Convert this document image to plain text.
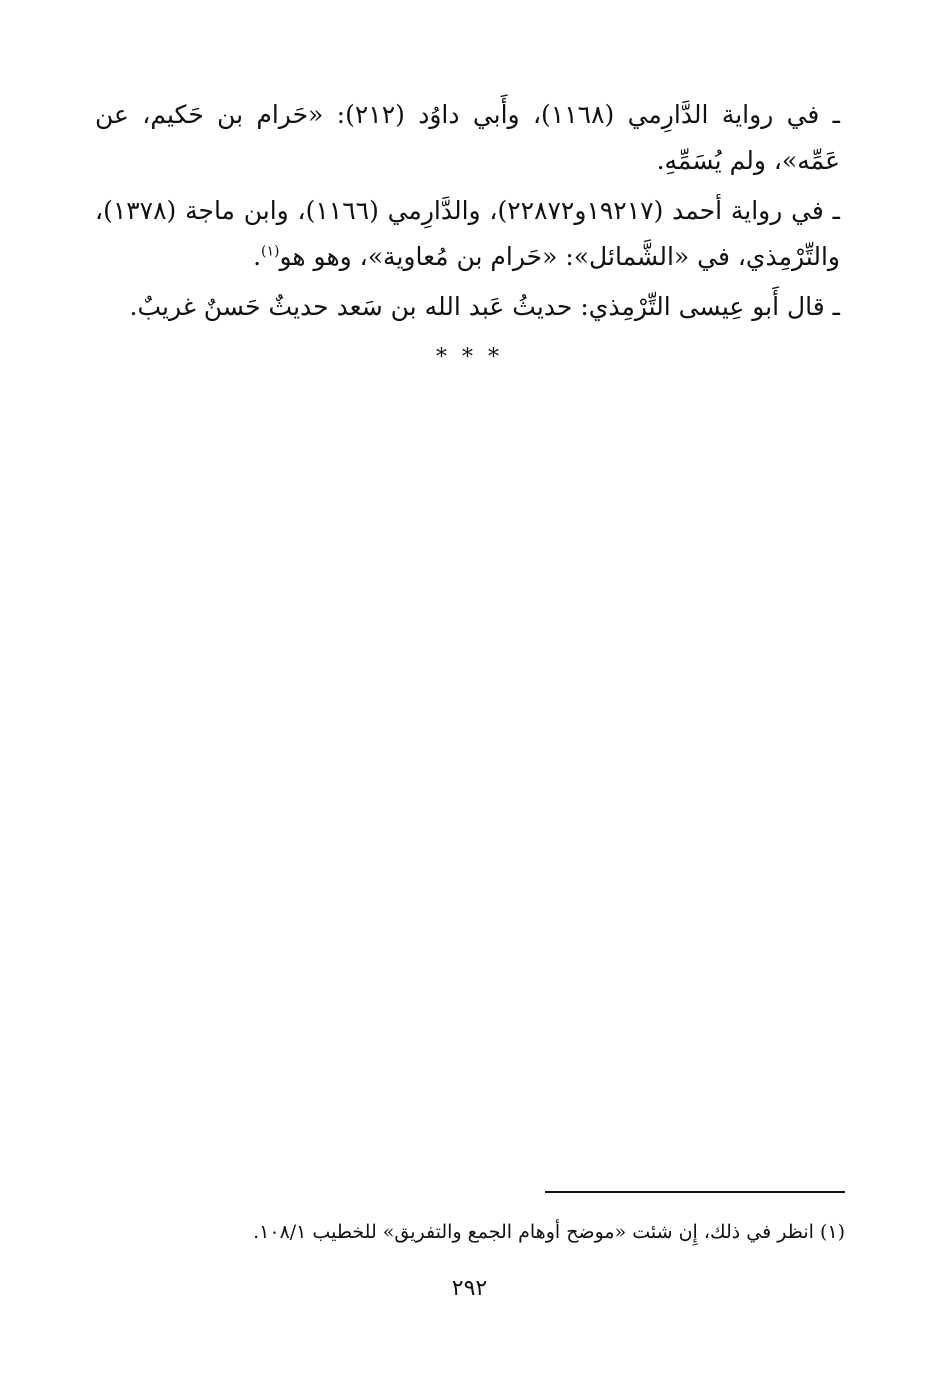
ـ في رواية الدَّارِمي (١١٦٨)، وأَبي داوُد (٢١٢): «حَرام بن حَكيم، عن عَمِّه»، ولم يُسَمِّهِ.

ـ في رواية أحمد (١٩٢١٧و٢٢٨٧٢)، والدَّارِمي (١١٦٦)، وابن ماجة (١٣٧٨)، والتِّرْمِذي، في «الشَّمائل»: «حَرام بن مُعاوية»، وهو هو$^{(١)}$.

ـ قال أَبو عِيسى التِّرْمِذي: حديثُ عَبد الله بن سَعد حديثٌ حَسنٌ غريبٌ.

* * *
(١) انظر في ذلك، إِن شئت «موضح أوهام الجمع والتفريق» للخطيب ١٠٨/١.
٢٩٢
